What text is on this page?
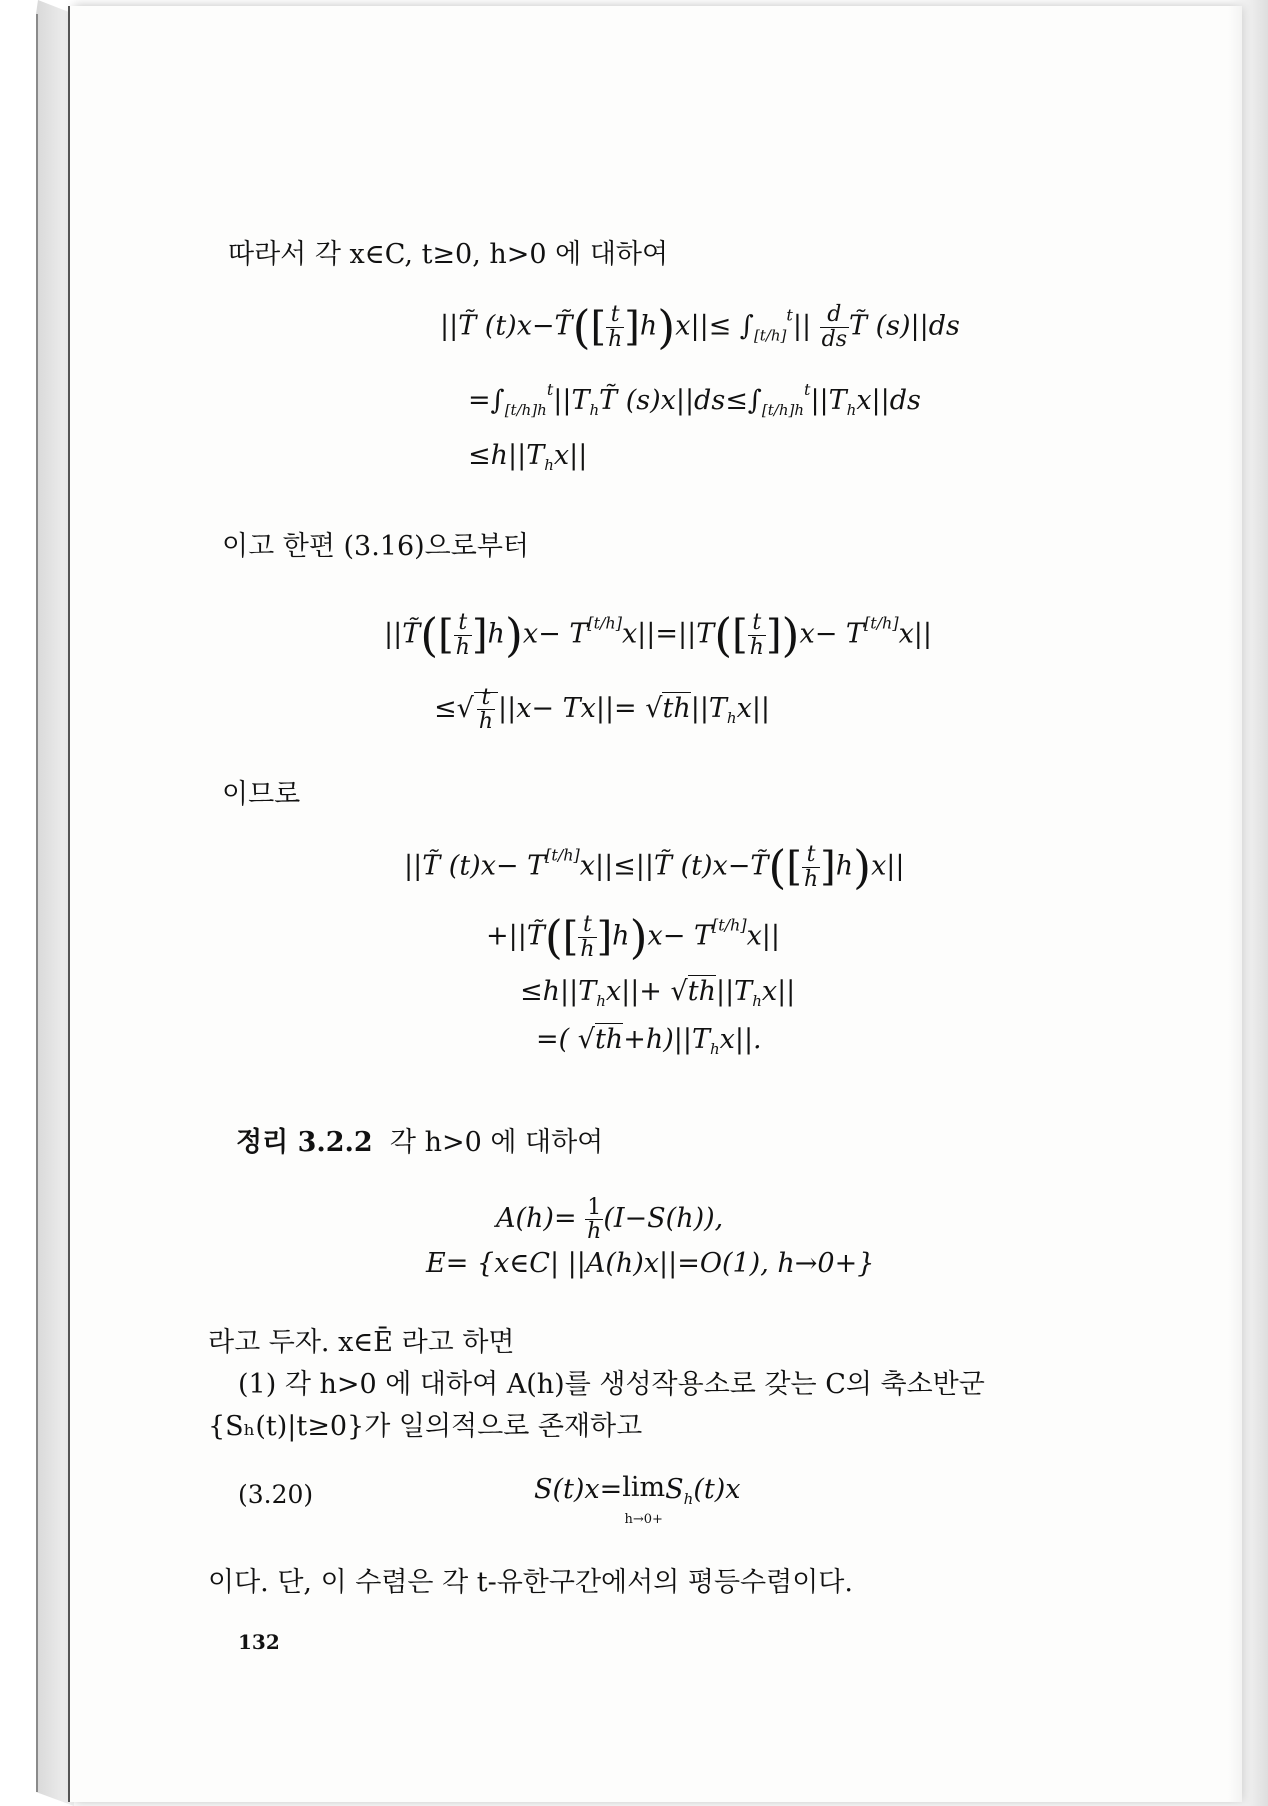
따라서 각 x∈C, t≥0, h>0 에 대하여
||T̃ (t)x−T̃([ $\frac{t}{h} ]h)x||\le \int_{[t/h]}^t|| \frac{d}{ds}$ T̃ (s)||ds
$=\int_{[t/h]h}^t||T_hT̃$ $(s)x||ds\le\int_{[t/h]h}^t||T_hx||ds$
$\le h||T_hx||$
이고 한편 (3.16)으로부터
||T̃([ $\frac{t}{h} ]h)x- T[t/h]x||=||T([ \frac{t}{h} ])x- T[t/h]x||$
≤√ $\frac{t}{h} ||x- Tx||= √th||T_hx||$
이므로
||T̃ (t)x− T[t/h]x||≤||T̃ (t)x−T̃([ $\frac{t}{h} ]h)x||$
+||T̃([ $\frac{t}{h} ]h)x- T[t/h]x||$
$\le h||T_hx||+ √th||T_hx||$
=( $√th+h)||T_hx||$.
정리 3.2.2 각 h>0 에 대하여
$A(h)= \frac{1}{h} (I-S(h))$,
E= {x∈C| ||A(h)x||=O(1), h→0+}
라고 두자. x∈Ē 라고 하면
(1) 각 h>0 에 대하여 A(h)를 생성작용소로 갖는 C의 축소반군
{Sₕ(t)|t≥0}가 일의적으로 존재하고
(3.20)	S(t)x=lim
$h\to 0+S_h(t)x$
이다. 단, 이 수렴은 각 t-유한구간에서의 평등수렴이다.
132
